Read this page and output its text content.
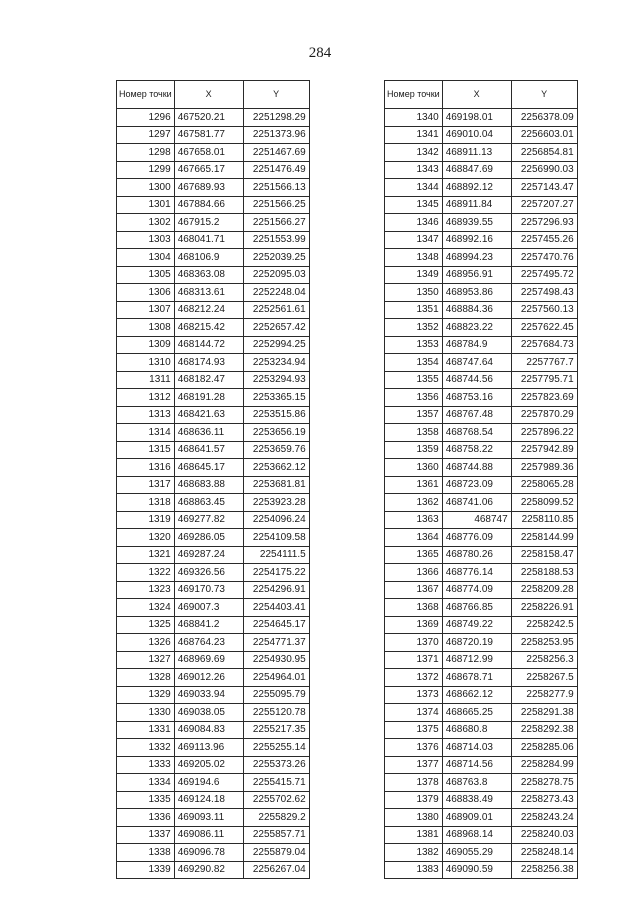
284
Номер точки	X	Y
1296	467520.21	2251298.29
1297	467581.77	2251373.96
1298	467658.01	2251467.69
1299	467665.17	2251476.49
1300	467689.93	2251566.13
1301	467884.66	2251566.25
1302	467915.2	2251566.27
1303	468041.71	2251553.99
1304	468106.9	2252039.25
1305	468363.08	2252095.03
1306	468313.61	2252248.04
1307	468212.24	2252561.61
1308	468215.42	2252657.42
1309	468144.72	2252994.25
1310	468174.93	2253234.94
1311	468182.47	2253294.93
1312	468191.28	2253365.15
1313	468421.63	2253515.86
1314	468636.11	2253656.19
1315	468641.57	2253659.76
1316	468645.17	2253662.12
1317	468683.88	2253681.81
1318	468863.45	2253923.28
1319	469277.82	2254096.24
1320	469286.05	2254109.58
1321	469287.24	2254111.5
1322	469326.56	2254175.22
1323	469170.73	2254296.91
1324	469007.3	2254403.41
1325	468841.2	2254645.17
1326	468764.23	2254771.37
1327	468969.69	2254930.95
1328	469012.26	2254964.01
1329	469033.94	2255095.79
1330	469038.05	2255120.78
1331	469084.83	2255217.35
1332	469113.96	2255255.14
1333	469205.02	2255373.26
1334	469194.6	2255415.71
1335	469124.18	2255702.62
1336	469093.11	2255829.2
1337	469086.11	2255857.71
1338	469096.78	2255879.04
1339	469290.82	2256267.04
Номер точки	X	Y
1340	469198.01	2256378.09
1341	469010.04	2256603.01
1342	468911.13	2256854.81
1343	468847.69	2256990.03
1344	468892.12	2257143.47
1345	468911.84	2257207.27
1346	468939.55	2257296.93
1347	468992.16	2257455.26
1348	468994.23	2257470.76
1349	468956.91	2257495.72
1350	468953.86	2257498.43
1351	468884.36	2257560.13
1352	468823.22	2257622.45
1353	468784.9	2257684.73
1354	468747.64	2257767.7
1355	468744.56	2257795.71
1356	468753.16	2257823.69
1357	468767.48	2257870.29
1358	468768.54	2257896.22
1359	468758.22	2257942.89
1360	468744.88	2257989.36
1361	468723.09	2258065.28
1362	468741.06	2258099.52
1363	468747	2258110.85
1364	468776.09	2258144.99
1365	468780.26	2258158.47
1366	468776.14	2258188.53
1367	468774.09	2258209.28
1368	468766.85	2258226.91
1369	468749.22	2258242.5
1370	468720.19	2258253.95
1371	468712.99	2258256.3
1372	468678.71	2258267.5
1373	468662.12	2258277.9
1374	468665.25	2258291.38
1375	468680.8	2258292.38
1376	468714.03	2258285.06
1377	468714.56	2258284.99
1378	468763.8	2258278.75
1379	468838.49	2258273.43
1380	468909.01	2258243.24
1381	468968.14	2258240.03
1382	469055.29	2258248.14
1383	469090.59	2258256.38
